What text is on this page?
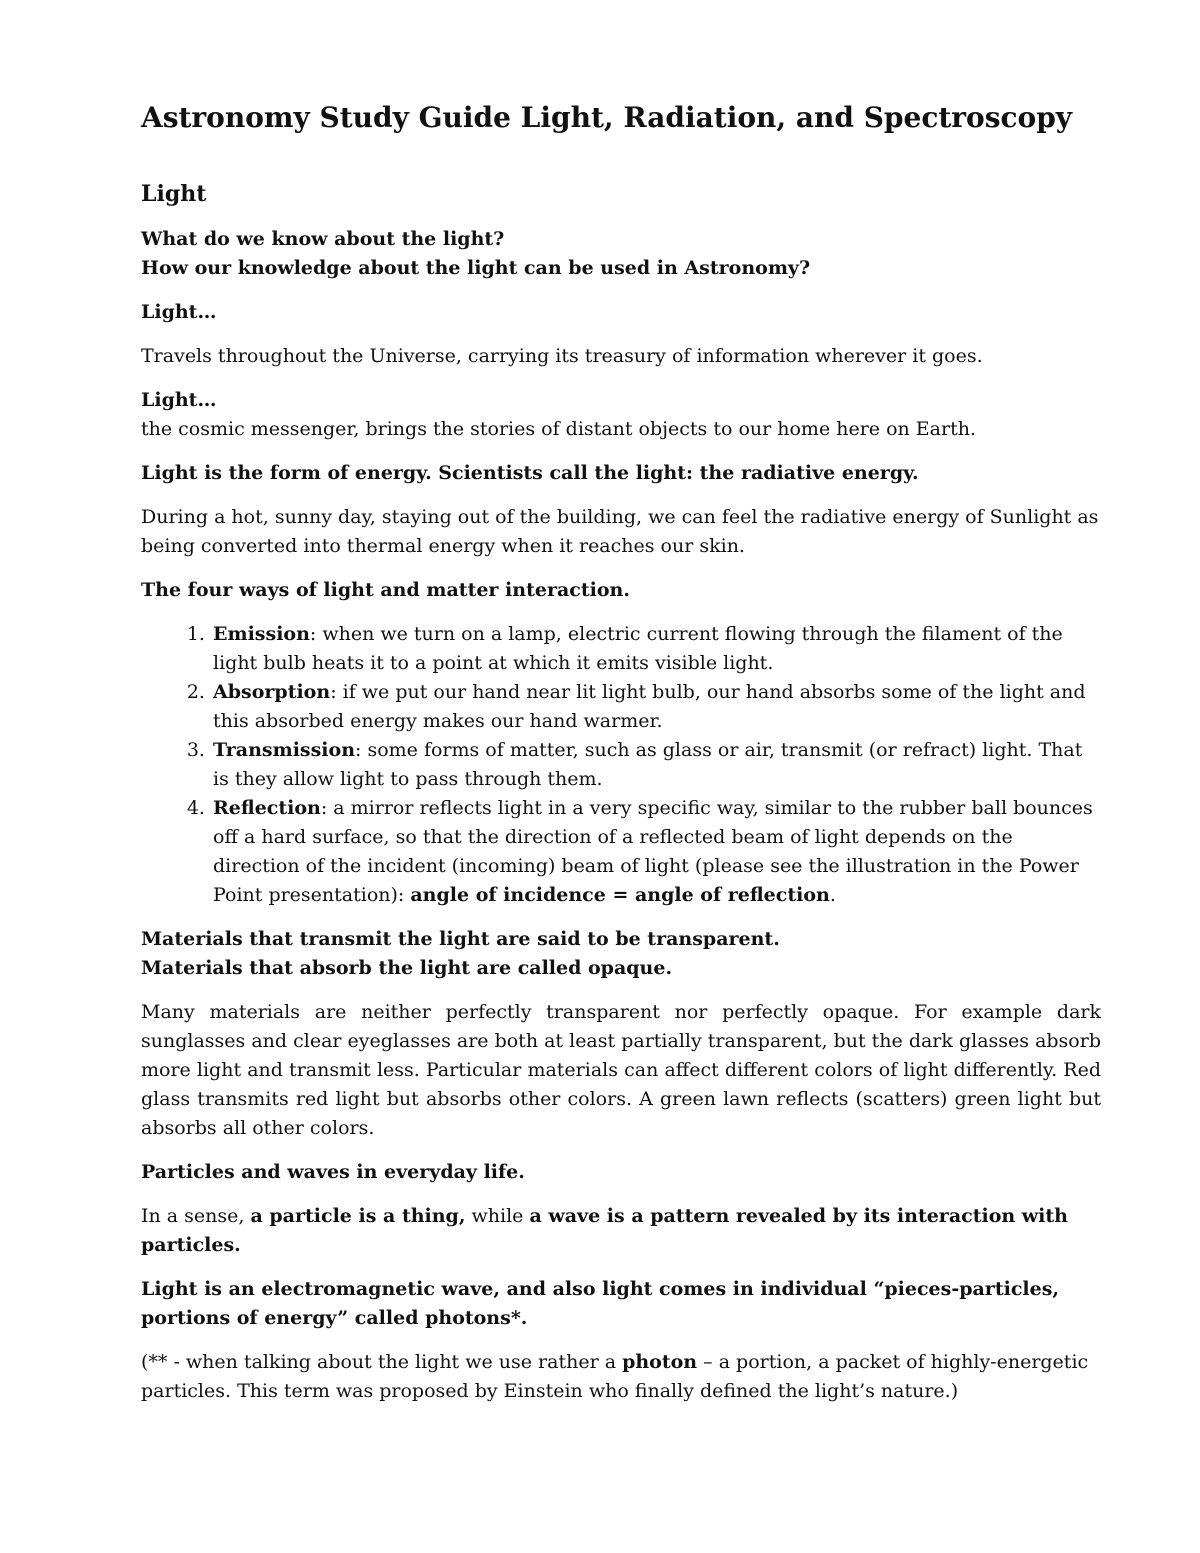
Astronomy Study Guide Light, Radiation, and Spectroscopy
Light

What do we know about the light?

How our knowledge about the light can be used in Astronomy?

Light…

Travels throughout the Universe, carrying its treasury of information wherever it goes.

Light…

the cosmic messenger, brings the stories of distant objects to our home here on Earth.

Light is the form of energy. Scientists call the light: the radiative energy.

During a hot, sunny day, staying out of the building, we can feel the radiative energy of Sunlight as being converted into thermal energy when it reaches our skin.

The four ways of light and matter interaction.

1. Emission: when we turn on a lamp, electric current flowing through the filament of the light bulb heats it to a point at which it emits visible light.
2. Absorption: if we put our hand near lit light bulb, our hand absorbs some of the light and this absorbed energy makes our hand warmer.
3. Transmission: some forms of matter, such as glass or air, transmit (or refract) light. That is they allow light to pass through them.
4. Reflection: a mirror reflects light in a very specific way, similar to the rubber ball bounces off a hard surface, so that the direction of a reflected beam of light depends on the direction of the incident (incoming) beam of light (please see the illustration in the Power Point presentation): angle of incidence = angle of reflection.

Materials that transmit the light are said to be transparent.

Materials that absorb the light are called opaque.

Many materials are neither perfectly transparent nor perfectly opaque. For example dark sunglasses and clear eyeglasses are both at least partially transparent, but the dark glasses absorb more light and transmit less. Particular materials can affect different colors of light differently. Red glass transmits red light but absorbs other colors. A green lawn reflects (scatters) green light but absorbs all other colors.

Particles and waves in everyday life.

In a sense, a particle is a thing, while a wave is a pattern revealed by its interaction with particles.

Light is an electromagnetic wave, and also light comes in individual “pieces-particles, portions of energy” called photons*.

(** - when talking about the light we use rather a photon – a portion, a packet of highly-energetic particles. This term was proposed by Einstein who finally defined the light’s nature.)
